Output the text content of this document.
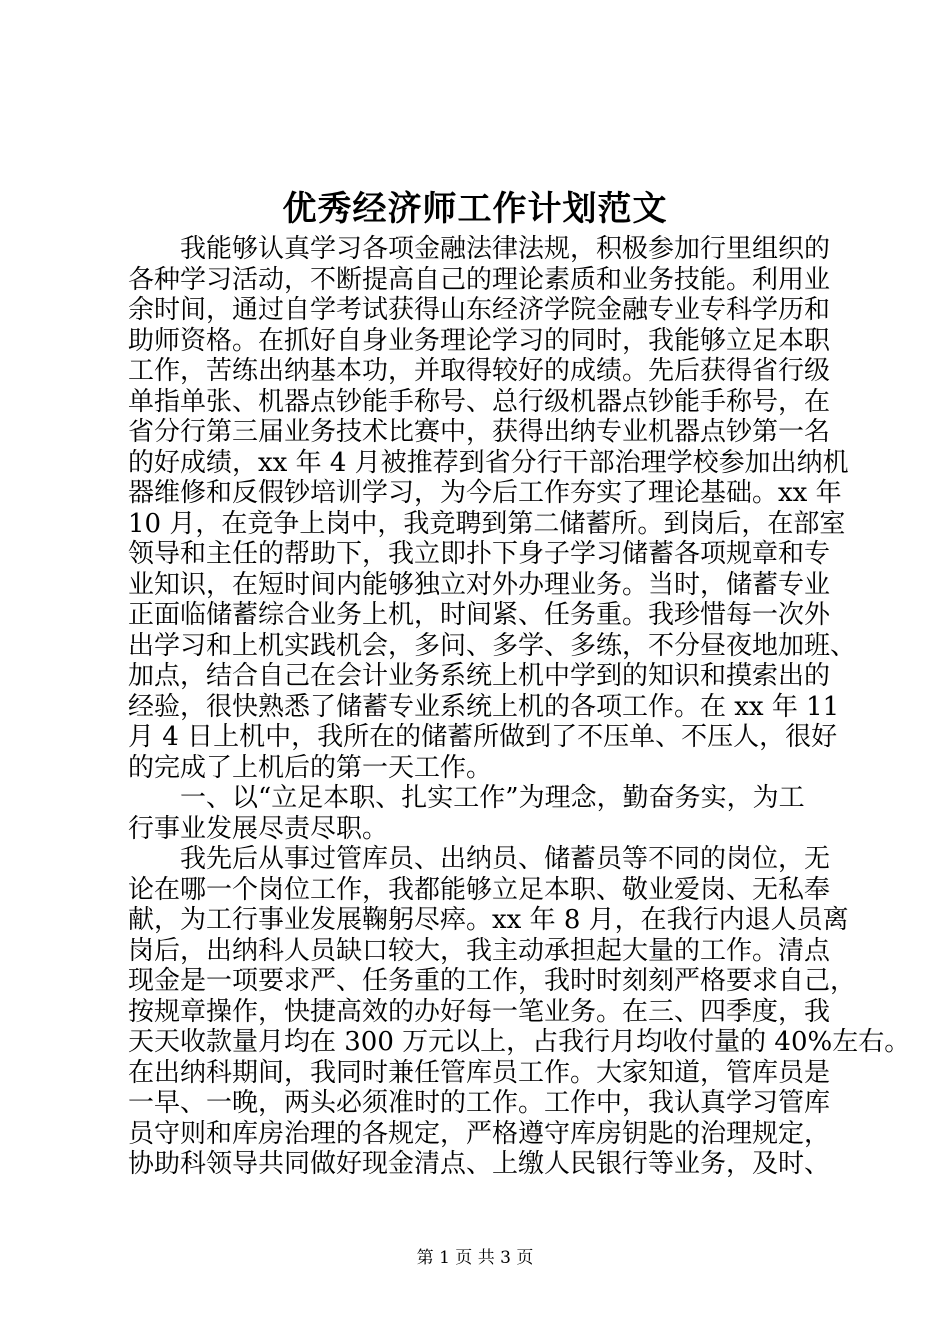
优秀经济师工作计划范文
　　我能够认真学习各项金融法律法规，积极参加行里组织的
各种学习活动，不断提高自己的理论素质和业务技能。利用业
余时间，通过自学考试获得山东经济学院金融专业专科学历和
助师资格。在抓好自身业务理论学习的同时，我能够立足本职
工作，苦练出纳基本功，并取得较好的成绩。先后获得省行级
单指单张、机器点钞能手称号、总行级机器点钞能手称号，在
省分行第三届业务技术比赛中，获得出纳专业机器点钞第一名
的好成绩，xx 年 4 月被推荐到省分行干部治理学校参加出纳机
器维修和反假钞培训学习，为今后工作夯实了理论基础。xx 年
10 月，在竞争上岗中，我竞聘到第二储蓄所。到岗后，在部室
领导和主任的帮助下，我立即扑下身子学习储蓄各项规章和专
业知识，在短时间内能够独立对外办理业务。当时，储蓄专业
正面临储蓄综合业务上机，时间紧、任务重。我珍惜每一次外
出学习和上机实践机会，多问、多学、多练，不分昼夜地加班、
加点，结合自己在会计业务系统上机中学到的知识和摸索出的
经验，很快熟悉了储蓄专业系统上机的各项工作。在 xx 年 11
月 4 日上机中，我所在的储蓄所做到了不压单、不压人，很好
的完成了上机后的第一天工作。
　　一、以“立足本职、扎实工作”为理念，勤奋务实，为工
行事业发展尽责尽职。
　　我先后从事过管库员、出纳员、储蓄员等不同的岗位，无
论在哪一个岗位工作，我都能够立足本职、敬业爱岗、无私奉
献，为工行事业发展鞠躬尽瘁。xx 年 8 月，在我行内退人员离
岗后，出纳科人员缺口较大，我主动承担起大量的工作。清点
现金是一项要求严、任务重的工作，我时时刻刻严格要求自己，
按规章操作，快捷高效的办好每一笔业务。在三、四季度，我
天天收款量月均在 300 万元以上，占我行月均收付量的 40%左右。
在出纳科期间，我同时兼任管库员工作。大家知道，管库员是
一早、一晚，两头必须准时的工作。工作中，我认真学习管库
员守则和库房治理的各规定，严格遵守库房钥匙的治理规定，
协助科领导共同做好现金清点、上缴人民银行等业务，及时、
第 1 页 共 3 页
